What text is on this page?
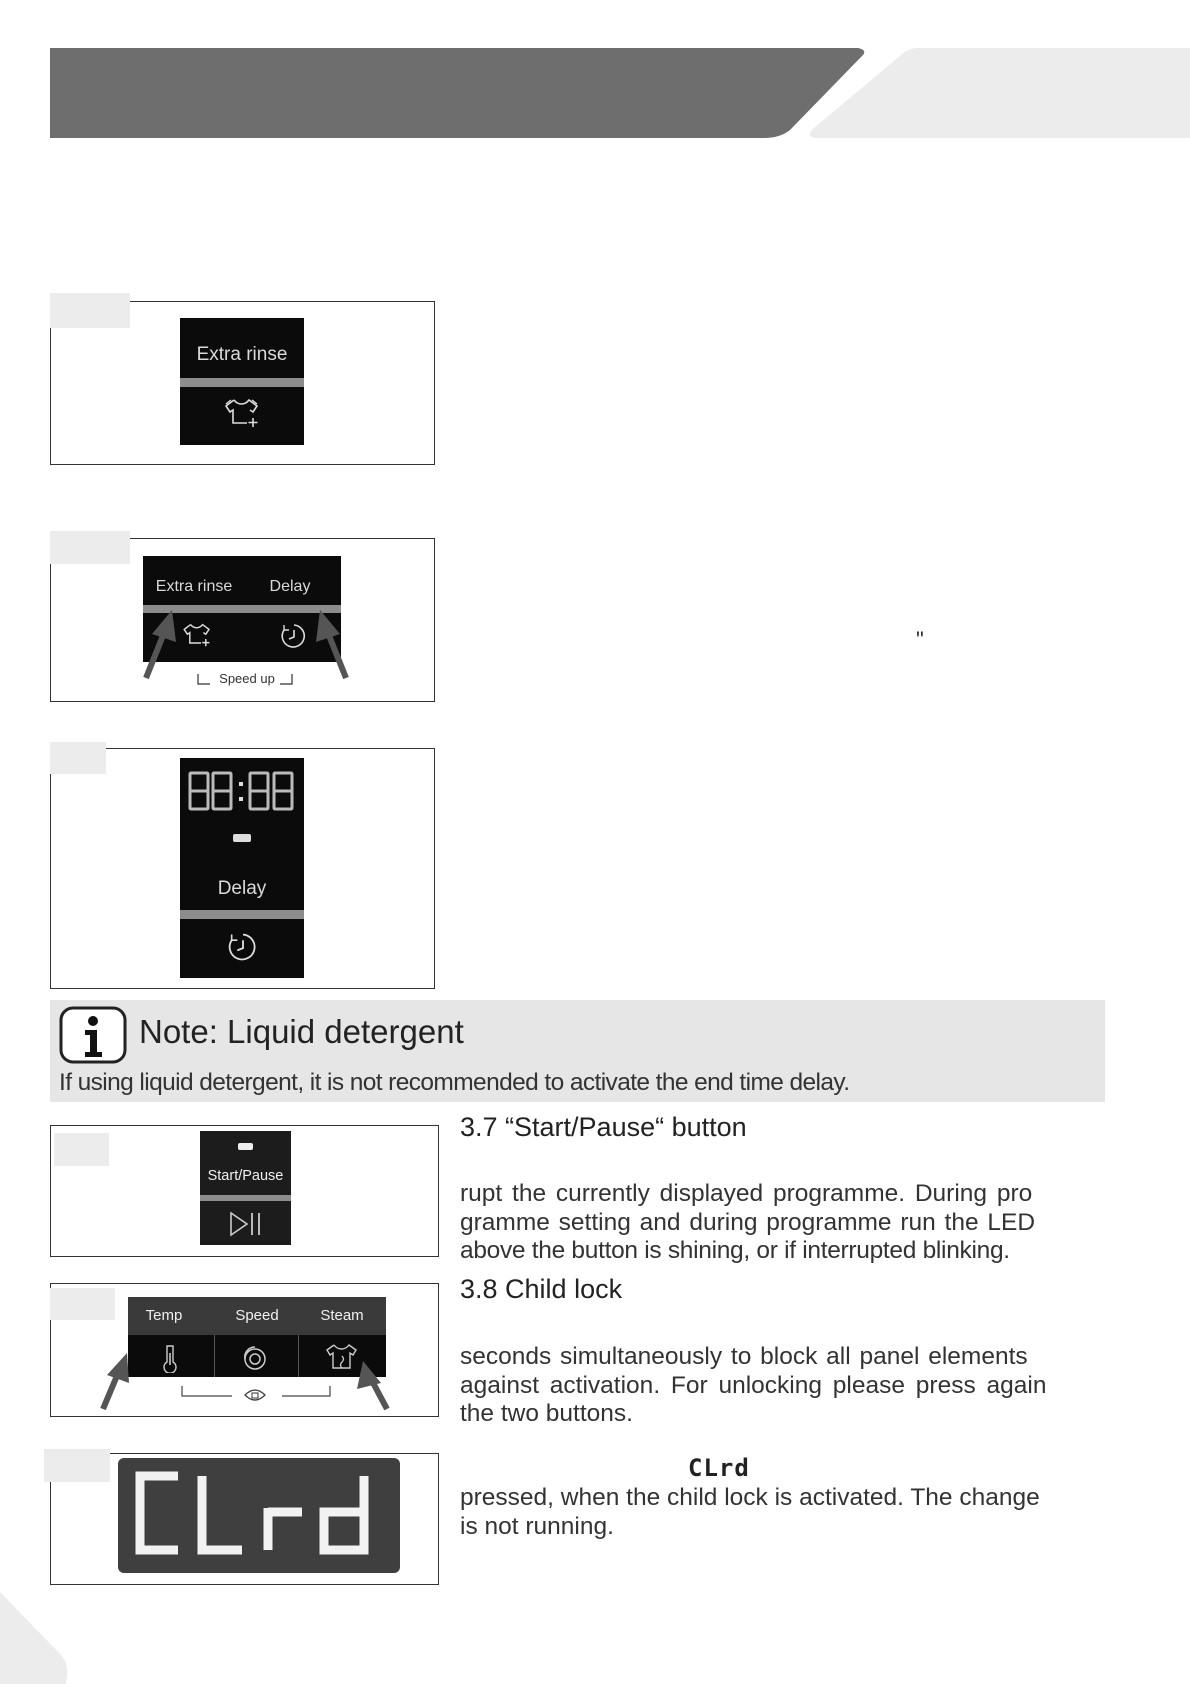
Extra rinse
Extra rinse	Delay
Speed up
"
Delay
Note: Liquid detergent
If using liquid detergent, it is not recommended to activate the end time delay.
Start/Pause
3.7 “Start/Pause“ button
rupt the currently displayed programme. During pro
gramme setting and during programme run the LED
above the button is shining, or if interrupted blinking.
Temp	Speed	Steam
3.8 Child lock
seconds simultaneously to block all panel elements
against activation. For unlocking please press again
the two buttons.
CLrd
pressed, when the child lock is activated. The change
is not running.
